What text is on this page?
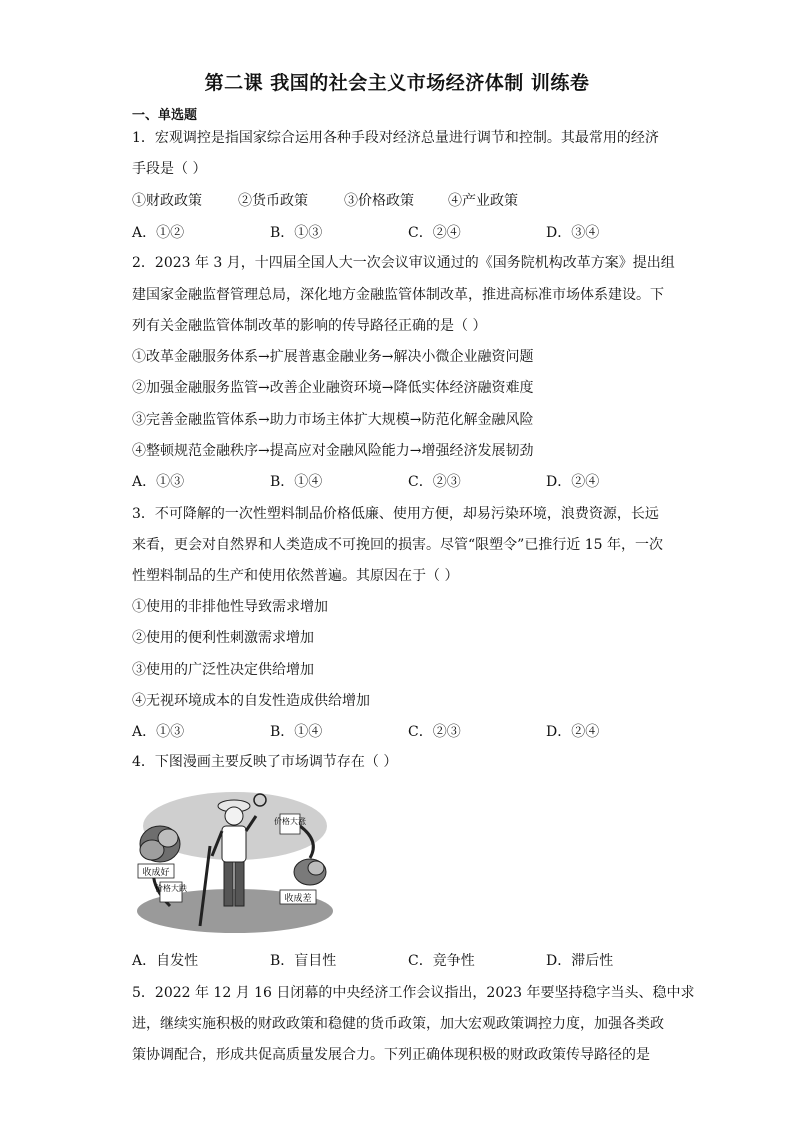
第二课 我国的社会主义市场经济体制 训练卷
一、单选题
1．宏观调控是指国家综合运用各种手段对经济总量进行调节和控制。其最常用的经济
手段是（ ）
①财政政策	②货币政策	③价格政策 ④产业政策
A．①②	B．①③	C．②④	D．③④
2．2023 年 3 月，十四届全国人大一次会议审议通过的《国务院机构改革方案》提出组
建国家金融监督管理总局，深化地方金融监管体制改革，推进高标准市场体系建设。下
列有关金融监管体制改革的影响的传导路径正确的是（ ）
①改革金融服务体系→扩展普惠金融业务→解决小微企业融资问题
②加强金融服务监管→改善企业融资环境→降低实体经济融资难度
③完善金融监管体系→助力市场主体扩大规模→防范化解金融风险
④整顿规范金融秩序→提高应对金融风险能力→增强经济发展韧劲
A．①③	B．①④	C．②③	D．②④
3．不可降解的一次性塑料制品价格低廉、使用方便，却易污染环境，浪费资源，长远
来看，更会对自然界和人类造成不可挽回的损害。尽管“限塑令”已推行近 15 年，一次
性塑料制品的生产和使用依然普遍。其原因在于（ ）
①使用的非排他性导致需求增加
②使用的便利性刺激需求增加
③使用的广泛性决定供给增加
④无视环境成本的自发性造成供给增加
A．①③	B．①④	C．②③	D．②④
4．下图漫画主要反映了市场调节存在（ ）
收成好
收成差
价格大跌
价格大涨
A．自发性	B．盲目性	C．竞争性	D．滞后性
5．2022 年 12 月 16 日闭幕的中央经济工作会议指出，2023 年要坚持稳字当头、稳中求
进，继续实施积极的财政政策和稳健的货币政策，加大宏观政策调控力度，加强各类政
策协调配合，形成共促高质量发展合力。下列正确体现积极的财政政策传导路径的是
